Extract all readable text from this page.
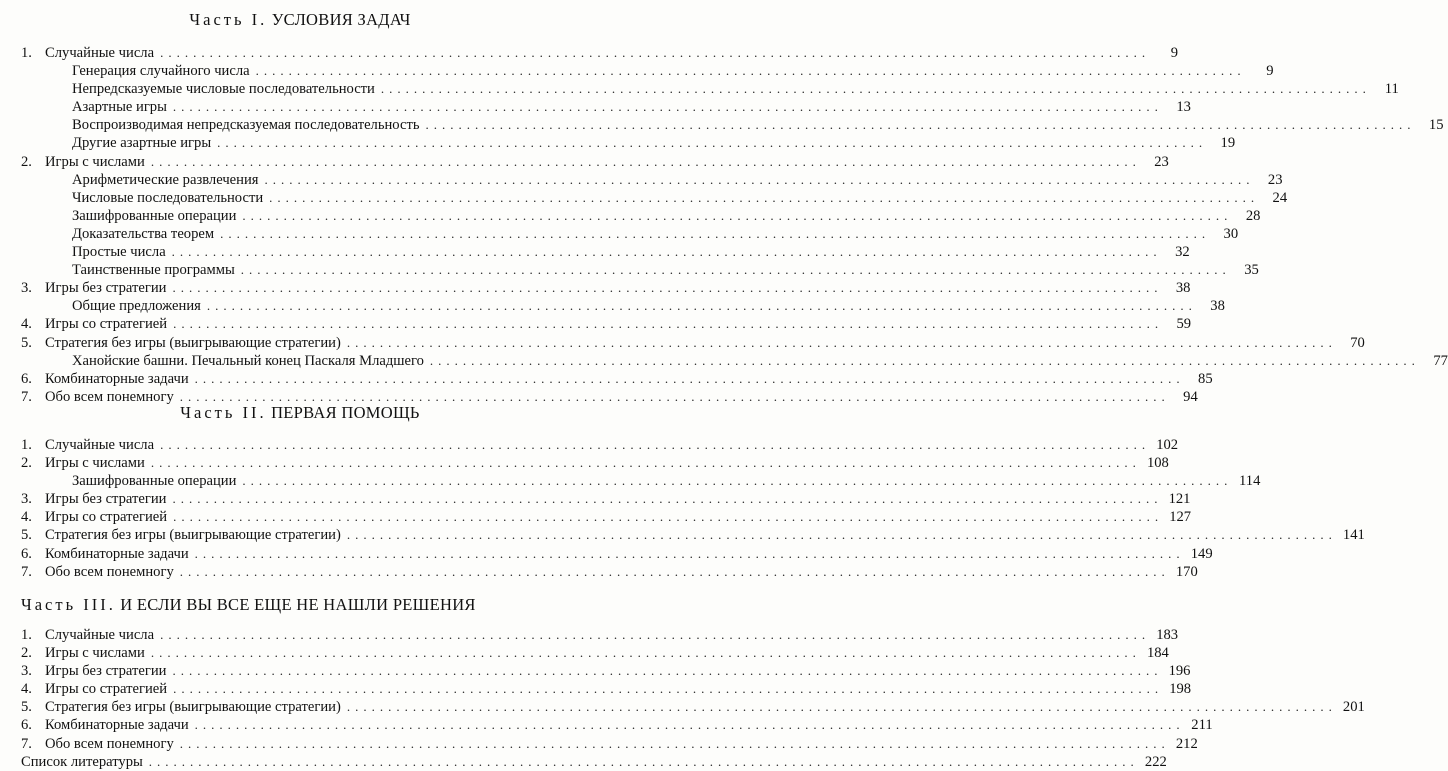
Часть I. УСЛОВИЯ ЗАДАЧ
1. Случайные числа ........................................................................................................................	9
Генерация случайного числа ........................................................................................................................	9
Непредсказуемые числовые последовательности ........................................................................................................................ 11
Азартные игры ........................................................................................................................ 13
Воспроизводимая непредсказуемая последовательность ........................................................................................................................ 15
Другие азартные игры ........................................................................................................................ 19
2. Игры с числами ........................................................................................................................ 23
Арифметические развлечения ........................................................................................................................ 23
Числовые последовательности ........................................................................................................................ 24
Зашифрованные операции ........................................................................................................................ 28
Доказательства теорем ........................................................................................................................ 30
Простые числа ........................................................................................................................ 32
Таинственные программы ........................................................................................................................ 35
3. Игры без стратегии ........................................................................................................................ 38
Общие предложения ........................................................................................................................ 38
4. Игры со стратегией ........................................................................................................................ 59
5. Стратегия без игры (выигрывающие стратегии) ........................................................................................................................ 70
Ханойские башни. Печальный конец Паскаля Младшего ........................................................................................................................ 77
6. Комбинаторные задачи ........................................................................................................................ 85
7. Обо всем понемногу ........................................................................................................................ 94
Часть II. ПЕРВАЯ ПОМОЩЬ
1. Случайные числа ........................................................................................................................ 102
2. Игры с числами ........................................................................................................................ 108
Зашифрованные операции ........................................................................................................................ 114
3. Игры без стратегии ........................................................................................................................ 121
4. Игры со стратегией ........................................................................................................................ 127
5. Стратегия без игры (выигрывающие стратегии) ........................................................................................................................ 141
6. Комбинаторные задачи ........................................................................................................................ 149
7. Обо всем понемногу ........................................................................................................................ 170
Часть III. И ЕСЛИ ВЫ ВСЕ ЕЩЕ НЕ НАШЛИ РЕШЕНИЯ
1. Случайные числа ........................................................................................................................ 183
2. Игры с числами ........................................................................................................................ 184
3. Игры без стратегии ........................................................................................................................ 196
4. Игры со стратегией ........................................................................................................................ 198
5. Стратегия без игры (выигрывающие стратегии) ........................................................................................................................ 201
6. Комбинаторные задачи ........................................................................................................................ 211
7. Обо всем понемногу ........................................................................................................................ 212
Список литературы ........................................................................................................................ 222
